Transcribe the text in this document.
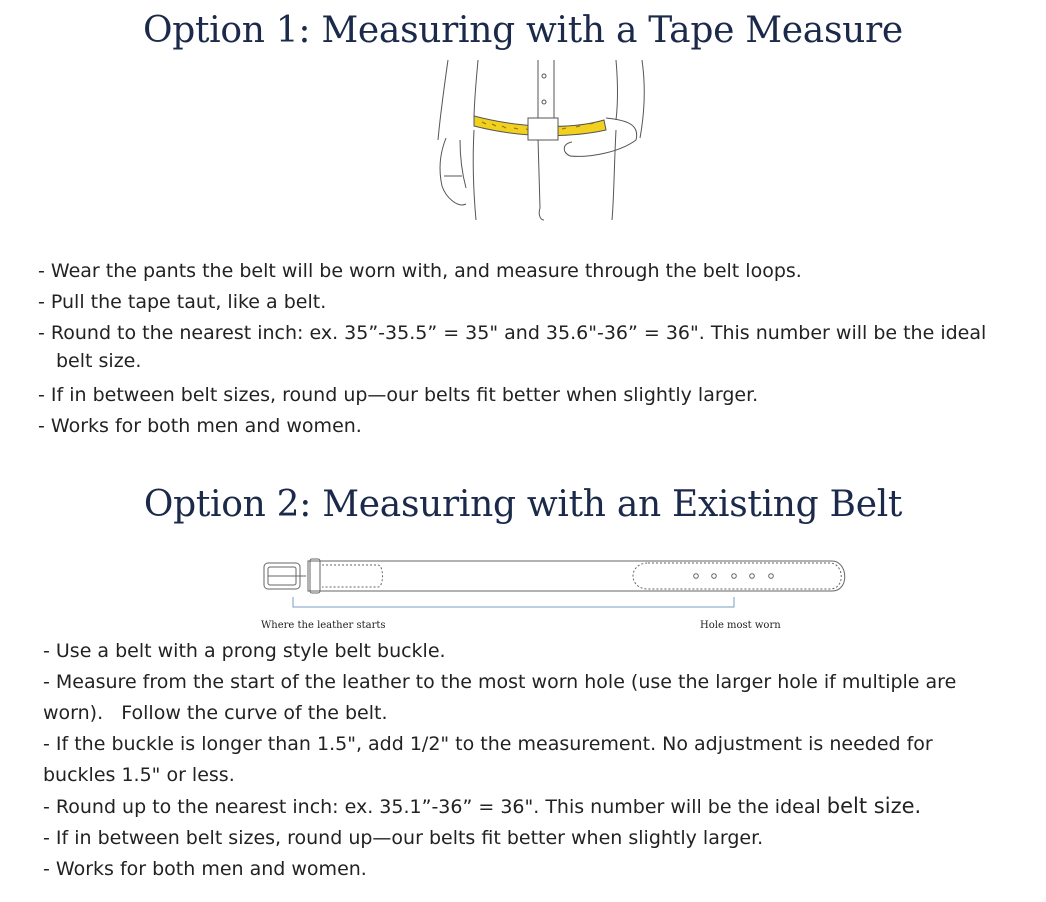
Option 1: Measuring with a Tape Measure
- Wear the pants the belt will be worn with, and measure through the belt loops.
- Pull the tape taut, like a belt.
- Round to the nearest inch: ex. 35”-35.5” = 35" and 35.6"-36” = 36". This number will be the ideal
belt size.
- If in between belt sizes, round up—our belts fit better when slightly larger.
- Works for both men and women.
Option 2: Measuring with an Existing Belt
Where the leather starts	Hole most worn
- Use a belt with a prong style belt buckle.
- Measure from the start of the leather to the most worn hole (use the larger hole if multiple are
worn).   Follow the curve of the belt.
- If the buckle is longer than 1.5", add 1/2" to the measurement. No adjustment is needed for
buckles 1.5" or less.
- Round up to the nearest inch: ex. 35.1”-36” = 36". This number will be the ideal belt size.
- If in between belt sizes, round up—our belts fit better when slightly larger.
- Works for both men and women.
